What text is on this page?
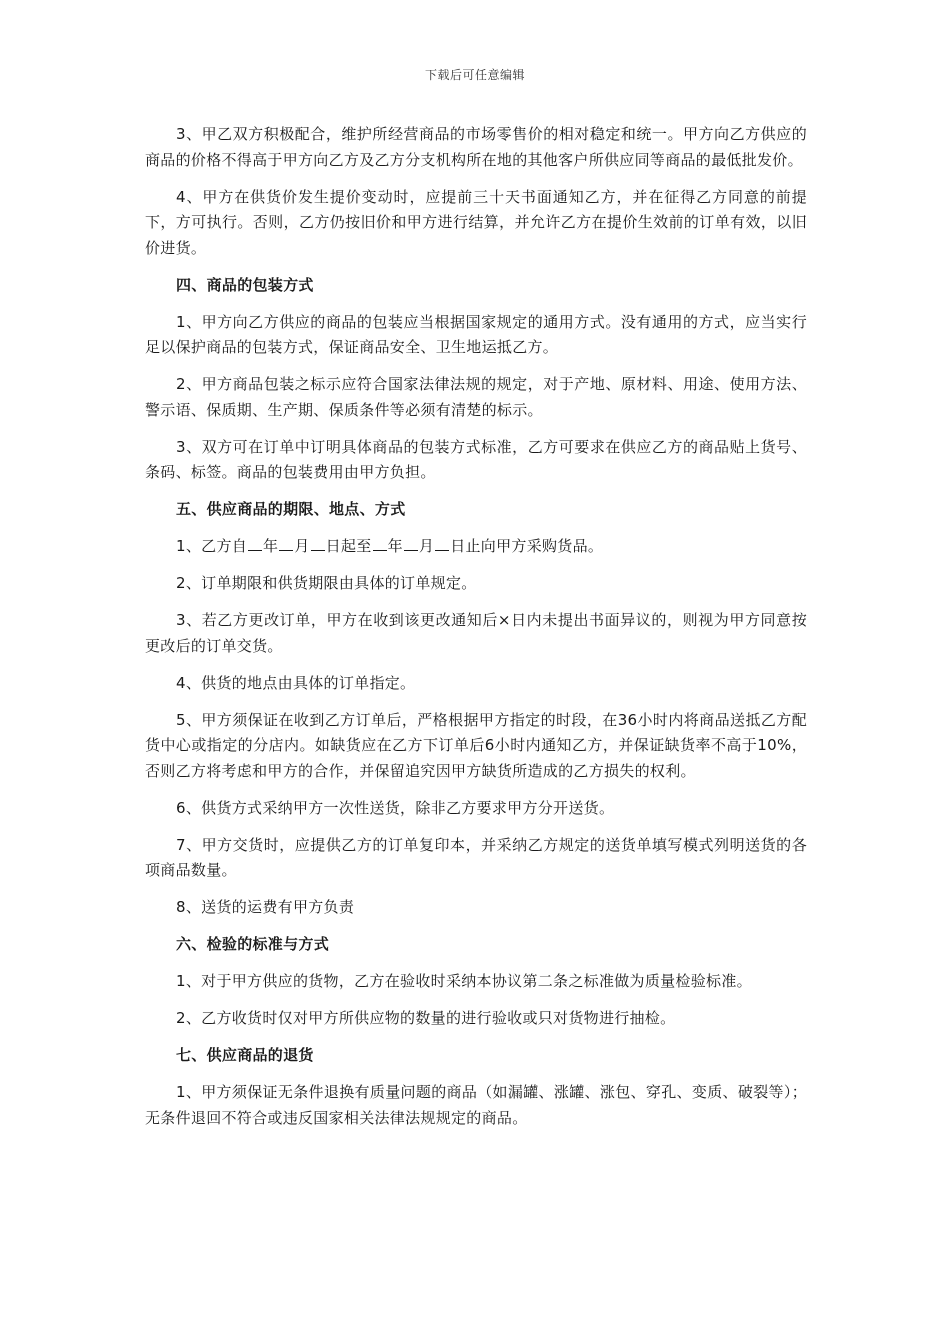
下载后可任意编辑

3、甲乙双方积极配合，维护所经营商品的市场零售价的相对稳定和统一。甲方向乙方供应的商品的价格不得高于甲方向乙方及乙方分支机构所在地的其他客户所供应同等商品的最低批发价。

4、甲方在供货价发生提价变动时，应提前三十天书面通知乙方，并在征得乙方同意的前提下，方可执行。否则，乙方仍按旧价和甲方进行结算，并允许乙方在提价生效前的订单有效，以旧价进货。

四、商品的包装方式

1、甲方向乙方供应的商品的包装应当根据国家规定的通用方式。没有通用的方式，应当实行足以保护商品的包装方式，保证商品安全、卫生地运抵乙方。

2、甲方商品包装之标示应符合国家法律法规的规定，对于产地、原材料、用途、使用方法、警示语、保质期、生产期、保质条件等必须有清楚的标示。

3、双方可在订单中订明具体商品的包装方式标准，乙方可要求在供应乙方的商品贴上货号、条码、标签。商品的包装费用由甲方负担。

五、供应商品的期限、地点、方式

1、乙方自 年 月 日起至 年 月 日止向甲方采购货品。

2、订单期限和供货期限由具体的订单规定。

3、若乙方更改订单，甲方在收到该更改通知后×日内未提出书面异议的，则视为甲方同意按更改后的订单交货。

4、供货的地点由具体的订单指定。

5、甲方须保证在收到乙方订单后，严格根据甲方指定的时段，在36小时内将商品送抵乙方配货中心或指定的分店内。如缺货应在乙方下订单后6小时内通知乙方，并保证缺货率不高于10%，否则乙方将考虑和甲方的合作，并保留追究因甲方缺货所造成的乙方损失的权利。

6、供货方式采纳甲方一次性送货，除非乙方要求甲方分开送货。

7、甲方交货时，应提供乙方的订单复印本，并采纳乙方规定的送货单填写模式列明送货的各项商品数量。

8、送货的运费有甲方负责

六、检验的标准与方式

1、对于甲方供应的货物，乙方在验收时采纳本协议第二条之标准做为质量检验标准。

2、乙方收货时仅对甲方所供应物的数量的进行验收或只对货物进行抽检。

七、供应商品的退货

1、甲方须保证无条件退换有质量问题的商品（如漏罐、涨罐、涨包、穿孔、变质、破裂等）；无条件退回不符合或违反国家相关法律法规规定的商品。
